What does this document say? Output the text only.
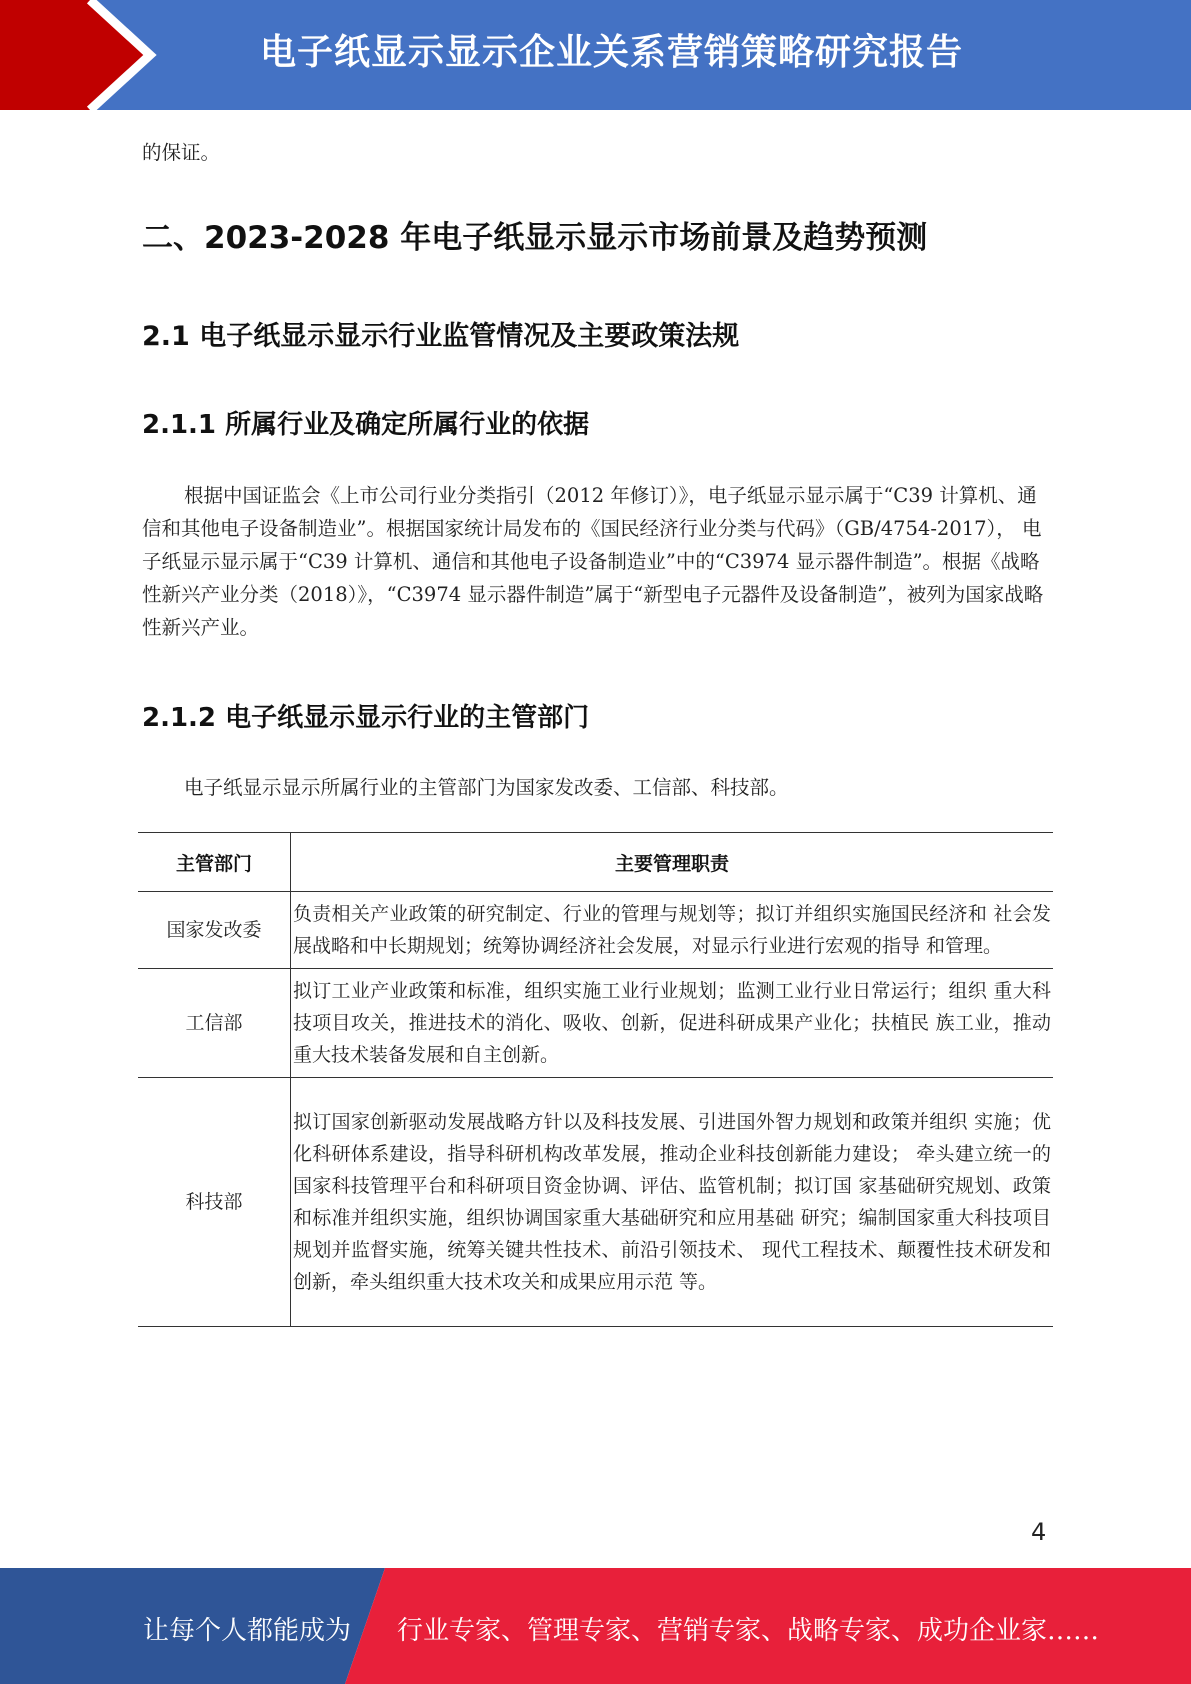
电子纸显示显示企业关系营销策略研究报告
的保证。
二、2023-2028 年电子纸显示显示市场前景及趋势预测
2.1 电子纸显示显示行业监管情况及主要政策法规
2.1.1 所属行业及确定所属行业的依据
根据中国证监会《上市公司行业分类指引（2012 年修订）》，电子纸显示显示属于“C39 计算机、通信和其他电子设备制造业”。根据国家统计局发布的《国民经济行业分类与代码》（GB/4754-2017）， 电子纸显示显示属于“C39 计算机、通信和其他电子设备制造业”中的“C3974 显示器件制造”。根据《战略性新兴产业分类（2018）》，“C3974 显示器件制造”属于“新型电子元器件及设备制造”，被列为国家战略性新兴产业。
2.1.2 电子纸显示显示行业的主管部门
电子纸显示显示所属行业的主管部门为国家发改委、工信部、科技部。
主管部门	主要管理职责
国家发改委	负责相关产业政策的研究制定、行业的管理与规划等；拟订并组织实施国民经济和 社会发展战略和中长期规划；统筹协调经济社会发展，对显示行业进行宏观的指导 和管理。
工信部	拟订工业产业政策和标准，组织实施工业行业规划；监测工业行业日常运行；组织 重大科技项目攻关，推进技术的消化、吸收、创新，促进科研成果产业化；扶植民 族工业，推动重大技术装备发展和自主创新。
科技部	拟订国家创新驱动发展战略方针以及科技发展、引进国外智力规划和政策并组织 实施；优化科研体系建设，指导科研机构改革发展，推动企业科技创新能力建设； 牵头建立统一的国家科技管理平台和科研项目资金协调、评估、监管机制；拟订国 家基础研究规划、政策和标准并组织实施，组织协调国家重大基础研究和应用基础 研究；编制国家重大科技项目规划并监督实施，统筹关键共性技术、前沿引领技术、 现代工程技术、颠覆性技术研发和创新，牵头组织重大技术攻关和成果应用示范 等。
4
让每个人都能成为 行业专家、管理专家、营销专家、战略专家、成功企业家……
